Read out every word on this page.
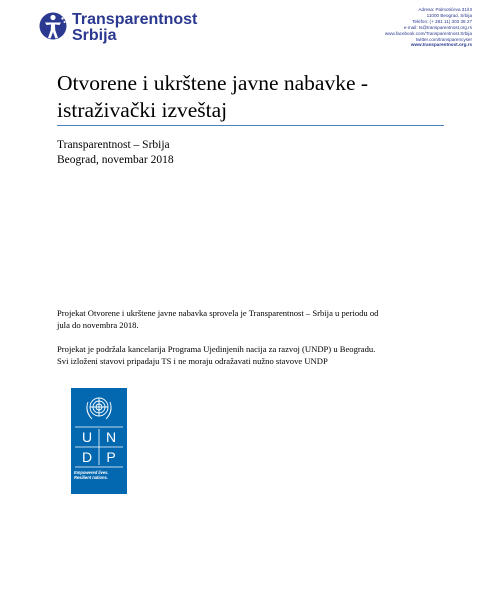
Transparentnost
Srbija
Adresa: Palmotićeva 31/III
11000 Beograd, Srbija
Telefon: (+ 381 11) 303 38 27
e-mail: ts@transparentnost.org.rs
www.facebook.com/Transparentnost.Srbija
twitter.com/transparencyser
www.transparentnost.org.rs
Otvorene i ukrštene javne nabavke -
istraživački izveštaj
Transparentnost – Srbija
Beograd, novembar 2018
Projekat Otvorene i ukrštene javne nabavka sprovela je Transparentnost – Srbija u periodu od
jula do novembra 2018.
Projekat je podržala kancelarija Programa Ujedinjenih nacija za razvoj (UNDP) u Beogradu.
Svi izloženi stavovi pripadaju TS i ne moraju odražavati nužno stavove UNDP
U N
D	P
Empowered lives.
Resilient nations.
